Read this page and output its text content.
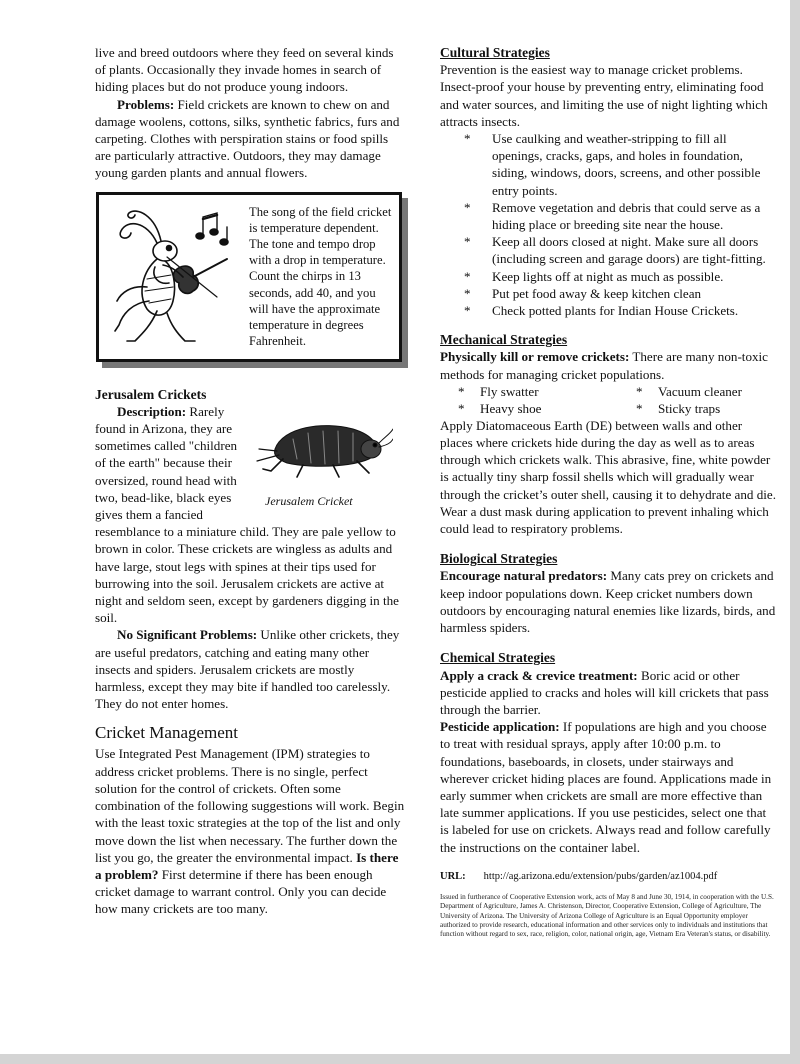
live and breed outdoors where they feed on several kinds of plants. Occasionally they invade homes in search of hiding places but do not produce young indoors.

Problems: Field crickets are known to chew on and damage woolens, cottons, silks, synthetic fabrics, furs and carpeting. Clothes with perspiration stains or food spills are particularly attractive. Outdoors, they may damage young garden plants and annual flowers.

The song of the field cricket is temperature dependent. The tone and tempo drop with a drop in temperature. Count the chirps in 13 seconds, add 40, and you will have the approximate temperature in degrees Fahrenheit.

Jerusalem Crickets

Jerusalem Cricket

Description: Rarely found in Arizona, they are sometimes called "children of the earth" because their oversized, round head with two, bead-like, black eyes gives them a fancied resemblance to a miniature child. They are pale yellow to brown in color. These crickets are wingless as adults and have large, stout legs with spines at their tips used for burrowing into the soil. Jerusalem crickets are active at night and seldom seen, except by gardeners digging in the soil.

No Significant Problems: Unlike other crickets, they are useful predators, catching and eating many other insects and spiders. Jerusalem crickets are mostly harmless, except they may bite if handled too carelessly. They do not enter homes.

Cricket Management

Use Integrated Pest Management (IPM) strategies to address cricket problems. There is no single, perfect solution for the control of crickets. Often some combination of the following suggestions will work. Begin with the least toxic strategies at the top of the list and only move down the list when necessary. The further down the list you go, the greater the environmental impact. Is there a problem? First determine if there has been enough cricket damage to warrant control. Only you can decide how many crickets are too many.

Cultural Strategies

Prevention is the easiest way to manage cricket problems. Insect-proof your house by preventing entry, eliminating food and water sources, and limiting the use of night lighting which attracts insects.

* Use caulking and weather-stripping to fill all openings, cracks, gaps, and holes in foundation, siding, windows, doors, screens, and other possible entry points.
* Remove vegetation and debris that could serve as a hiding place or breeding site near the house.
* Keep all doors closed at night. Make sure all doors (including screen and garage doors) are tight-fitting.
* Keep lights off at night as much as possible.
* Put pet food away & keep kitchen clean
* Check potted plants for Indian House Crickets.

Mechanical Strategies

Physically kill or remove crickets: There are many non-toxic methods for managing cricket populations.

* Fly swatter	* Vacuum cleaner
* Heavy shoe	* Sticky traps

Apply Diatomaceous Earth (DE) between walls and other places where crickets hide during the day as well as to areas through which crickets walk. This abrasive, fine, white powder is actually tiny sharp fossil shells which will gradually wear through the cricket’s outer shell, causing it to dehydrate and die. Wear a dust mask during application to prevent inhaling which could lead to respiratory problems.

Biological Strategies

Encourage natural predators: Many cats prey on crickets and keep indoor populations down. Keep cricket numbers down outdoors by encouraging natural enemies like lizards, birds, and harmless spiders.

Chemical Strategies

Apply a crack & crevice treatment: Boric acid or other pesticide applied to cracks and holes will kill crickets that pass through the barrier.

Pesticide application: If populations are high and you choose to treat with residual sprays, apply after 10:00 p.m. to foundations, baseboards, in closets, under stairways and wherever cricket hiding places are found. Applications made in early summer when crickets are small are more effective than late summer applications. If you use pesticides, select one that is labeled for use on crickets. Always read and follow carefully the instructions on the container label.

URL: http://ag.arizona.edu/extension/pubs/garden/az1004.pdf

Issued in furtherance of Cooperative Extension work, acts of May 8 and June 30, 1914, in cooperation with the U.S. Department of Agriculture, James A. Christenson, Director, Cooperative Extension, College of Agriculture, The University of Arizona. The University of Arizona College of Agriculture is an Equal Opportunity employer authorized to provide research, educational information and other services only to individuals and institutions that function without regard to sex, race, religion, color, national origin, age, Vietnam Era Veteran's status, or disability.
